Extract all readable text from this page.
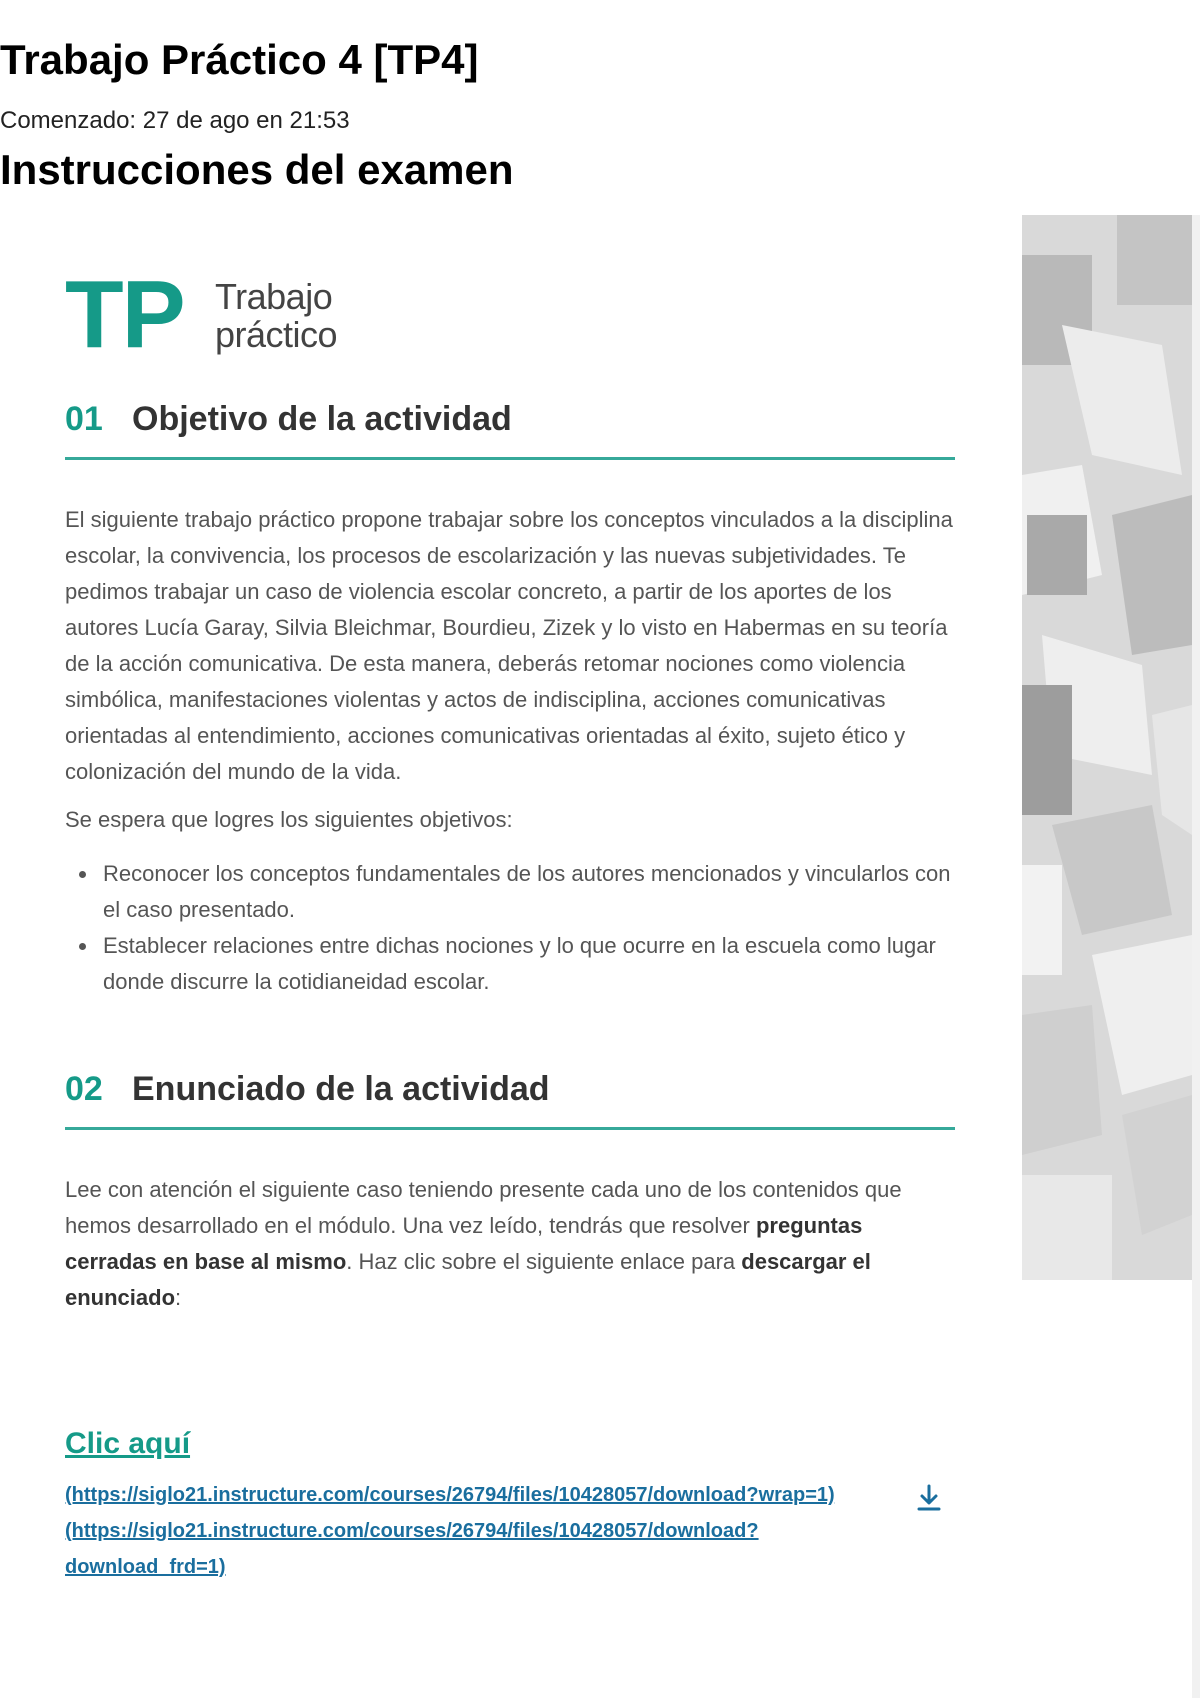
Trabajo Práctico 4 [TP4]
Comenzado: 27 de ago en 21:53
Instrucciones del examen
TP Trabajo
práctico
01 Objetivo de la actividad

El siguiente trabajo práctico propone trabajar sobre los conceptos vinculados a la disciplina escolar, la convivencia, los procesos de escolarización y las nuevas subjetividades. Te pedimos trabajar un caso de violencia escolar concreto, a partir de los aportes de los autores Lucía Garay, Silvia Bleichmar, Bourdieu, Zizek y lo visto en Habermas en su teoría de la acción comunicativa. De esta manera, deberás retomar nociones como violencia simbólica, manifestaciones violentas y actos de indisciplina, acciones comunicativas orientadas al entendimiento, acciones comunicativas orientadas al éxito, sujeto ético y colonización del mundo de la vida.

Se espera que logres los siguientes objetivos:

Reconocer los conceptos fundamentales de los autores mencionados y vincularlos con el caso presentado.
Establecer relaciones entre dichas nociones y lo que ocurre en la escuela como lugar donde discurre la cotidianeidad escolar.
02 Enunciado de la actividad

Lee con atención el siguiente caso teniendo presente cada uno de los contenidos que hemos desarrollado en el módulo. Una vez leído, tendrás que resolver preguntas cerradas en base al mismo. Haz clic sobre el siguiente enlace para descargar el enunciado:

Clic aquí
(https://siglo21.instructure.com/courses/26794/files/10428057/download?wrap=1)
(https://siglo21.instructure.com/courses/26794/files/10428057/download?
download_frd=1)
